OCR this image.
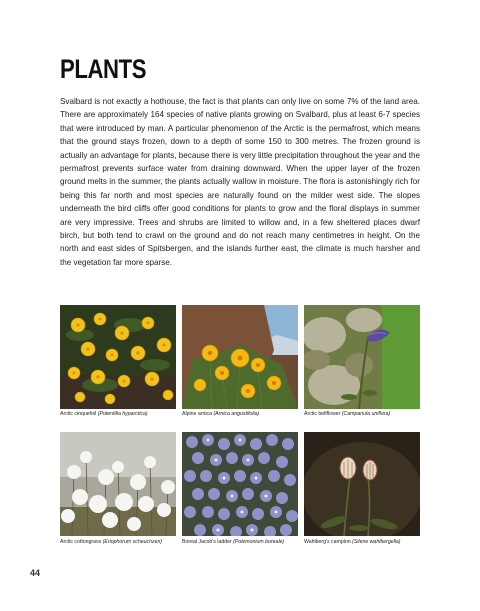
PLANTS
Svalbard is not exactly a hothouse, the fact is that plants can only live on some 7% of the land area. There are approximately 164 species of native plants growing on Svalbard, plus at least 6-7 species that were introduced by man. A particular phenomenon of the Arctic is the permafrost, which means that the ground stays frozen, down to a depth of some 150 to 300 metres. The frozen ground is actually an advantage for plants, because there is very little precipitation throughout the year and the permafrost prevents surface water from draining downward. When the upper layer of the frozen ground melts in the summer, the plants actually wallow in moisture. The flora is astonishingly rich for being this far north and most species are naturally found on the milder west side. The slopes underneath the bird cliffs offer good conditions for plants to grow and the floral displays in summer are very impressive. Trees and shrubs are limited to willow and, in a few sheltered places dwarf birch, but both tend to crawl on the ground and do not reach many centimetres in height. On the north and east sides of Spitsbergen, and the islands further east, the climate is much harsher and the vegetation far more sparse.
Arctic cinquefoil (Potentilla hyparctica)	Alpine arnica (Arnica angustifolia)	Arctic bellflower (Campanula uniflora)
Arctic cottongrass (Eriophorum scheuchzeri)	Boreal Jacob's ladder (Polemonium boreale)	Wahlberg's campion (Silene wahlbergella)
44
